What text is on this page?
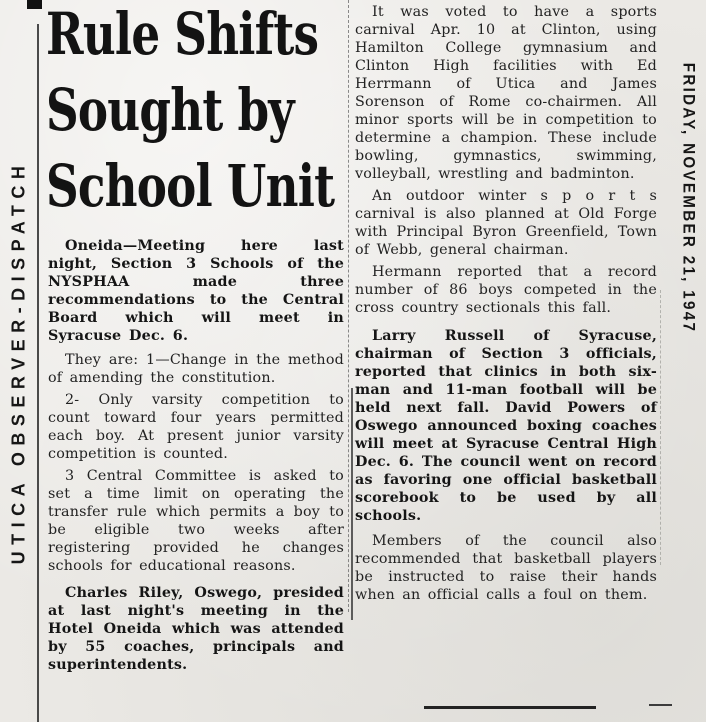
UTICA OBSERVER-DISPATCH	FRIDAY, NOVEMBER 21, 1947
Rule Shifts
Sought by
School Unit

Oneida—Meeting here last night, Section 3 Schools of the NYSPHAA made three recommendations to the Central Board which will meet in Syracuse Dec. 6.

They are: 1—Change in the method of amending the constitution.

2- Only varsity competition to count toward four years permitted each boy. At present junior varsity competition is counted.

3 Central Committee is asked to set a time limit on operating the transfer rule which permits a boy to be eligible two weeks after registering provided he changes schools for educational reasons.

Charles Riley, Oswego, presided at last night's meeting in the Hotel Oneida which was attended by 55 coaches, principals and superintendents.

It was voted to have a sports carnival Apr. 10 at Clinton, using Hamilton College gymnasium and Clinton High facilities with Ed Herrmann of Utica and James Sorenson of Rome co-chairmen. All minor sports will be in competition to determine a champion. These include bowling, gymnastics, swimming, volleyball, wrestling and badminton.

An outdoor winter s p o r t s carnival is also planned at Old Forge with Principal Byron Greenfield, Town of Webb, general chairman.

Hermann reported that a record number of 86 boys competed in the cross country sectionals this fall.

Larry Russell of Syracuse, chairman of Section 3 officials, reported that clinics in both six-man and 11-man football will be held next fall. David Powers of Oswego announced boxing coaches will meet at Syracuse Central High Dec. 6. The council went on record as favoring one official basketball scorebook to be used by all schools.

Members of the council also recommended that basketball players be instructed to raise their hands when an official calls a foul on them.
